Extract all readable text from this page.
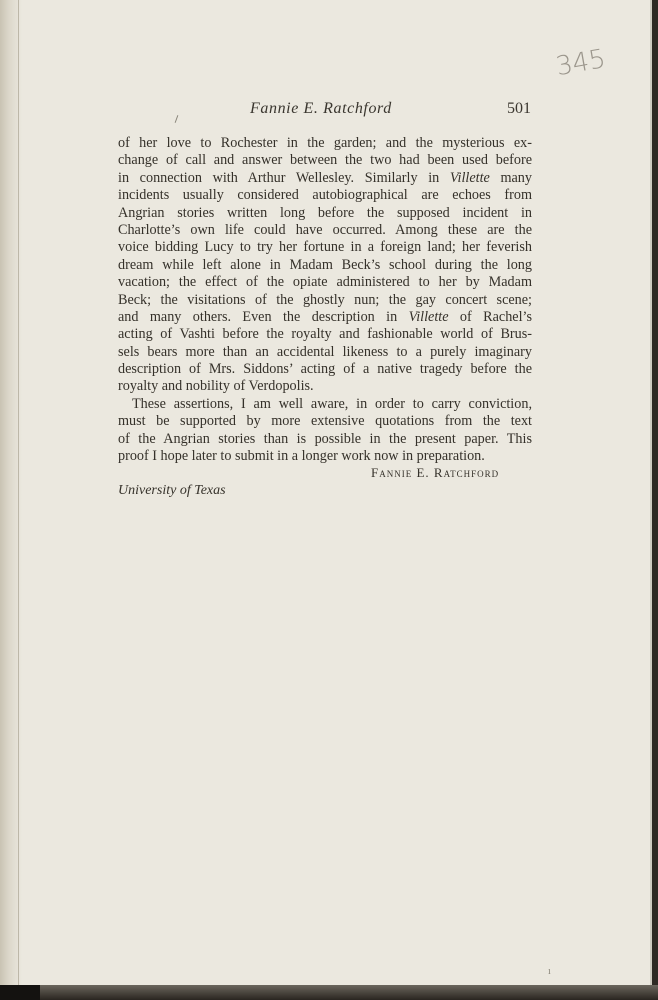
345
Fannie E. Ratchford	501
of her love to Rochester in the garden; and the mysterious ex-
change of call and answer between the two had been used before
in connection with Arthur Wellesley. Similarly in Villette many
incidents usually considered autobiographical are echoes from
Angrian stories written long before the supposed incident in
Charlotte’s own life could have occurred. Among these are the
voice bidding Lucy to try her fortune in a foreign land; her feverish
dream while left alone in Madam Beck’s school during the long
vacation; the effect of the opiate administered to her by Madam
Beck; the visitations of the ghostly nun; the gay concert scene;
and many others. Even the description in Villette of Rachel’s
acting of Vashti before the royalty and fashionable world of Brus-
sels bears more than an accidental likeness to a purely imaginary
description of Mrs. Siddons’ acting of a native tragedy before the
royalty and nobility of Verdopolis.
These assertions, I am well aware, in order to carry conviction,
must be supported by more extensive quotations from the text
of the Angrian stories than is possible in the present paper. This
proof I hope later to submit in a longer work now in preparation.
Fannie E. Ratchford
University of Texas
ı
